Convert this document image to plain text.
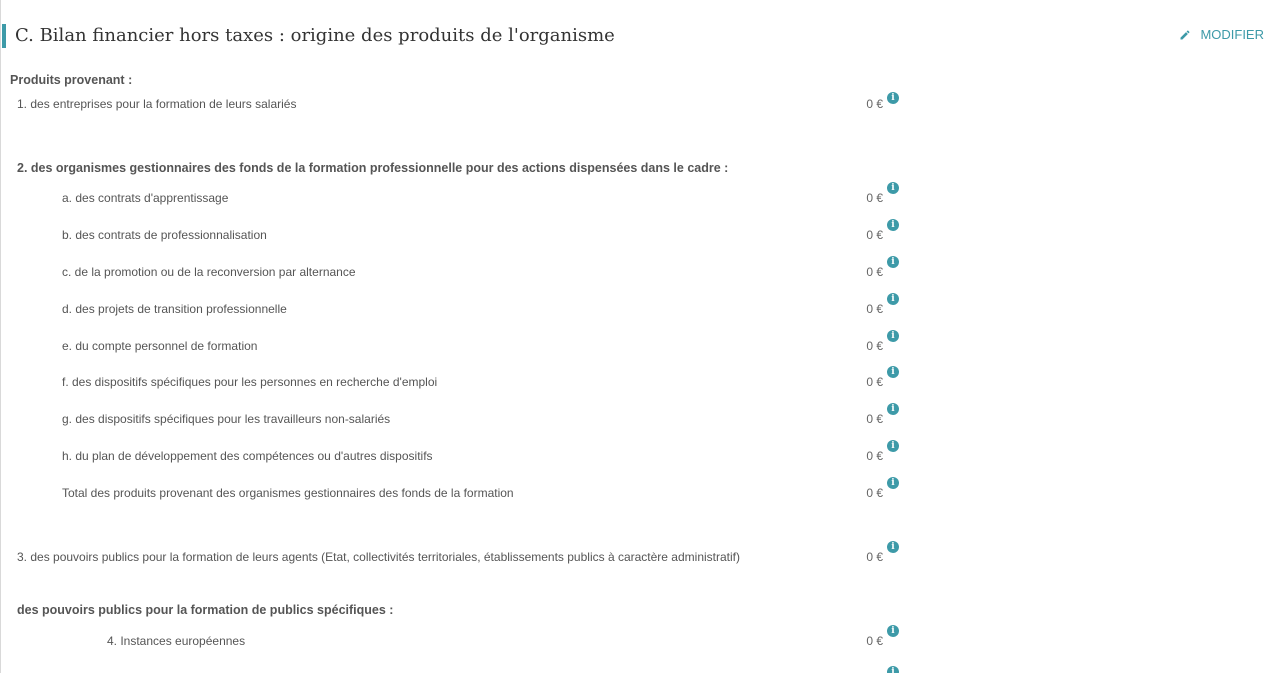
C. Bilan financier hors taxes : origine des produits de l'organisme	MODIFIER
Produits provenant :
1. des entreprises pour la formation de leurs salariés	0 € i
2. des organismes gestionnaires des fonds de la formation professionnelle pour des actions dispensées dans le cadre :
a. des contrats d'apprentissage	0 €
i
b. des contrats de professionnalisation	0 €
i
c. de la promotion ou de la reconversion par alternance	0 €
i
d. des projets de transition professionnelle	0 €
i
e. du compte personnel de formation	0 €
i
f. des dispositifs spécifiques pour les personnes en recherche d'emploi	0 €
i
g. des dispositifs spécifiques pour les travailleurs non-salariés	0 €
i
h. du plan de développement des compétences ou d'autres dispositifs	0 €
i
Total des produits provenant des organismes gestionnaires des fonds de la formation	0 €
i
3. des pouvoirs publics pour la formation de leurs agents (Etat, collectivités territoriales, établissements publics à caractère administratif)	0 €
i
des pouvoirs publics pour la formation de publics spécifiques :
4. Instances européennes	0 €
i
i
